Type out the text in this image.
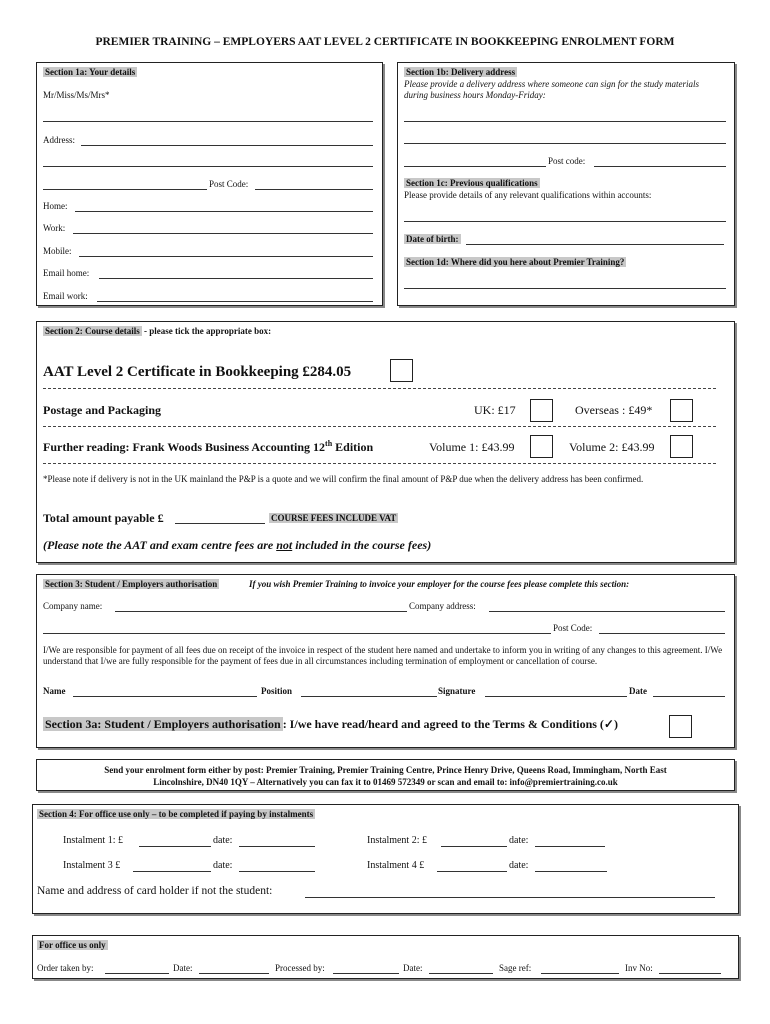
PREMIER TRAINING – EMPLOYERS AAT LEVEL 2 CERTIFICATE IN BOOKKEEPING ENROLMENT FORM
Section 1a: Your details
Mr/Miss/Ms/Mrs*
Address:
Post Code:
Home:
Work:
Mobile:
Email home:
Email work:
Section 1b: Delivery address
Please provide a delivery address where someone can sign for the study materials during business hours Monday-Friday:
Post code:
Section 1c: Previous qualifications
Please provide details of any relevant qualifications within accounts:
Date of birth:
Section 1d: Where did you here about Premier Training?
Section 2: Course details - please tick the appropriate box:
AAT Level 2 Certificate in Bookkeeping £284.05
Postage and Packaging	UK: £17	Overseas : £49*
Further reading: Frank Woods Business Accounting 12th Edition	Volume 1: £43.99	Volume 2: £43.99
*Please note if delivery is not in the UK mainland the P&P is a quote and we will confirm the final amount of P&P due when the delivery address has been confirmed.
Total amount payable £	COURSE FEES INCLUDE VAT
(Please note the AAT and exam centre fees are not included in the course fees)
Section 3: Student / Employers authorisation	If you wish Premier Training to invoice your employer for the course fees please complete this section:
Company name:	Company address:
Post Code:
I/We are responsible for payment of all fees due on receipt of the invoice in respect of the student here named and undertake to inform you in writing of any changes to this agreement. I/We understand that I/we are fully responsible for the payment of fees due in all circumstances including termination of employment or cancellation of course.
Name	Position	Signature	Date
Section 3a: Student / Employers authorisation : I/we have read/heard and agreed to the Terms & Conditions (✓)
Send your enrolment form either by post: Premier Training, Premier Training Centre, Prince Henry Drive, Queens Road, Immingham, North East
Lincolnshire, DN40 1QY – Alternatively you can fax it to 01469 572349 or scan and email to: info@premiertraining.co.uk
Section 4: For office use only – to be completed if paying by instalments
Instalment 1: £	date:	Instalment 2: £	date:
Instalment 3 £	date:	Instalment 4 £	date:
Name and address of card holder if not the student:
For office us only
Order taken by:	Date:	Processed by:	Date:	Sage ref:	Inv No:
